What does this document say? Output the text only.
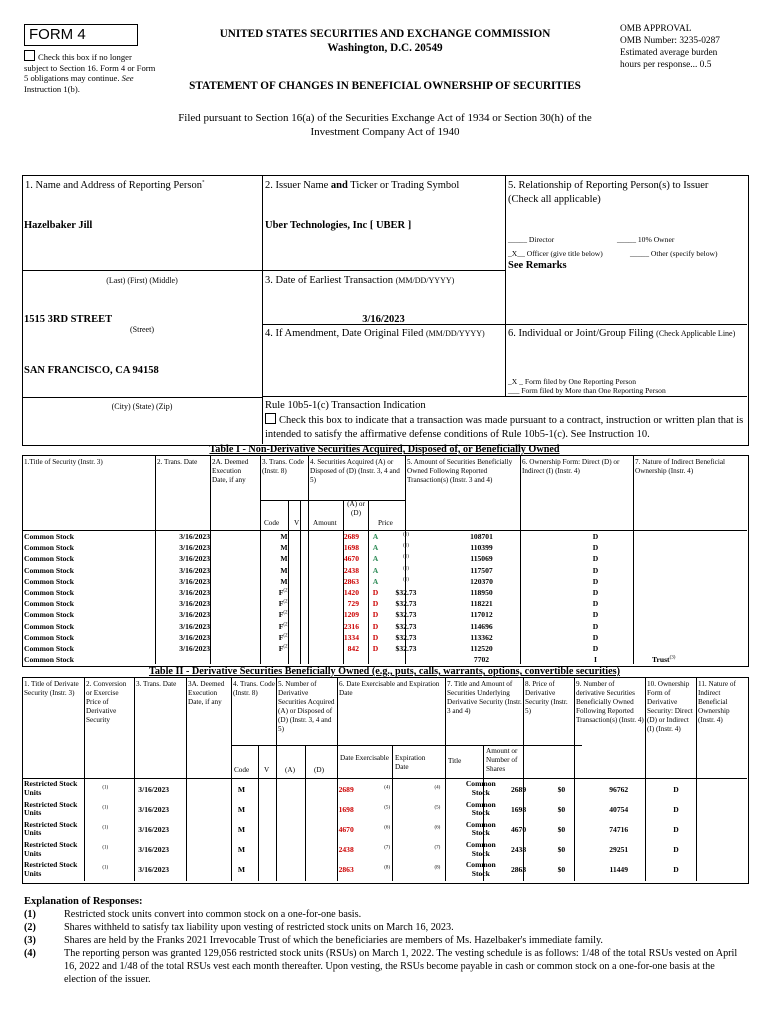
FORM 4
Check this box if no longer subject to Section 16. Form 4 or Form 5 obligations may continue. See Instruction 1(b).
UNITED STATES SECURITIES AND EXCHANGE COMMISSION
Washington, D.C. 20549
STATEMENT OF CHANGES IN BENEFICIAL OWNERSHIP OF SECURITIES
OMB APPROVAL
OMB Number: 3235-0287
Estimated average burden
hours per response... 0.5
Filed pursuant to Section 16(a) of the Securities Exchange Act of 1934 or Section 30(h) of the
Investment Company Act of 1940
1. Name and Address of Reporting Person*
Hazelbaker Jill
(Last) (First) (Middle)
1515 3RD STREET
(Street)
SAN FRANCISCO, CA 94158
(City) (State) (Zip)
2. Issuer Name and Ticker or Trading Symbol
Uber Technologies, Inc [ UBER ]
3. Date of Earliest Transaction (MM/DD/YYYY)
3/16/2023
4. If Amendment, Date Original Filed (MM/DD/YYYY)
Rule 10b5-1(c) Transaction Indication
Check this box to indicate that a transaction was made pursuant to a contract, instruction or written plan that is intended to satisfy the affirmative defense conditions of Rule 10b5-1(c). See Instruction 10.
5. Relationship of Reporting Person(s) to Issuer
(Check all applicable)
_____ Director	_____ 10% Owner
_X__ Officer (give title below)	_____ Other (specify below)
See Remarks
6. Individual or Joint/Group Filing (Check Applicable Line)
_X _ Form filed by One Reporting Person
___ Form filed by More than One Reporting Person
Table I - Non-Derivative Securities Acquired, Disposed of, or Beneficially Owned
1.Title of Security (Instr. 3)	2. Trans. Date	2A. Deemed Execution Date, if any
3. Trans. Code (Instr. 8)
4. Securities Acquired (A) or Disposed of (D) (Instr. 3, 4 and 5)
5. Amount of Securities Beneficially Owned Following Reported Transaction(s) (Instr. 3 and 4)
6. Ownership Form: Direct (D) or Indirect (I) (Instr. 4)
7. Nature of Indirect Beneficial Ownership (Instr. 4)
Code V Amount
(A) or (D)
Price
Common Stock	3/16/2023		M		2689	A	$^{(1)}$	108701	D	
Common Stock	3/16/2023		M		1698	A	$^{(1)}$	110399	D	
Common Stock	3/16/2023		M		4670	A	$^{(1)}$	115069	D	
Common Stock	3/16/2023		M		2438	A	$^{(1)}$	117507	D	
Common Stock	3/16/2023		M		2863	A	$^{(1)}$	120370	D	
Common Stock	3/16/2023		$F^{(2)}$		1420	D	$32.73	118950	D	
Common Stock	3/16/2023		$F^{(2)}$		729	D	$32.73	118221	D	
Common Stock	3/16/2023		$F^{(2)}$		1209	D	$32.73	117012	D	
Common Stock	3/16/2023		$F^{(2)}$		2316	D	$32.73	114696	D	
Common Stock	3/16/2023		$F^{(2)}$		1334	D	$32.73	113362	D	
Common Stock	3/16/2023		$F^{(2)}$		842	D	$32.73	112520	D	
Common Stock								7702	I	Trust$^{(3)}$
Table II - Derivative Securities Beneficially Owned (e.g., puts, calls, warrants, options, convertible securities)
1. Title of Derivate Security (Instr. 3)
2. Conversion or Exercise Price of Derivative Security
3. Trans. Date	3A. Deemed Execution Date, if any
4. Trans. Code (Instr. 8)
5. Number of Derivative Securities Acquired (A) or Disposed of (D) (Instr. 3, 4 and 5)
6. Date Exercisable and Expiration Date
7. Title and Amount of Securities Underlying Derivative Security (Instr. 3 and 4)
8. Price of Derivative Security (Instr. 5)
9. Number of derivative Securities Beneficially Owned Following Reported Transaction(s) (Instr. 4)
10. Ownership Form of Derivative Security: Direct (D) or Indirect (I) (Instr. 4)
11. Nature of Indirect Beneficial Ownership (Instr. 4)
Code V (A)	(D)
Date Exercisable Expiration Date
Title
Amount or Number of Shares
Restricted Stock Units	$^{(1)}$	3/16/2023		M			2689	$^{(4)}$	$^{(4)}$	Common Stock	2689	$0	96762	D	
Restricted Stock Units	$^{(1)}$	3/16/2023		M			1698	$^{(5)}$	$^{(5)}$	Common Stock	1698	$0	40754	D	
Restricted Stock Units	$^{(1)}$	3/16/2023		M			4670	$^{(6)}$	$^{(6)}$	Common Stock	4670	$0	74716	D	
Restricted Stock Units	$^{(1)}$	3/16/2023		M			2438	$^{(7)}$	$^{(7)}$	Common Stock	2438	$0	29251	D	
Restricted Stock Units	$^{(1)}$	3/16/2023		M			2863	$^{(8)}$	$^{(8)}$	Common Stock	2863	$0	11449	D	
Explanation of Responses:
(1)	Restricted stock units convert into common stock on a one-for-one basis.
(2)	Shares withheld to satisfy tax liability upon vesting of restricted stock units on March 16, 2023.
(3)	Shares are held by the Franks 2021 Irrevocable Trust of which the beneficiaries are members of Ms. Hazelbaker's immediate family.
(4)	The reporting person was granted 129,056 restricted stock units (RSUs) on March 1, 2022. The vesting schedule is as follows: 1/48 of the total RSUs vested on April 16, 2022 and 1/48 of the total RSUs vest each month thereafter. Upon vesting, the RSUs become payable in cash or common stock on a one-for-one basis at the election of the issuer.
